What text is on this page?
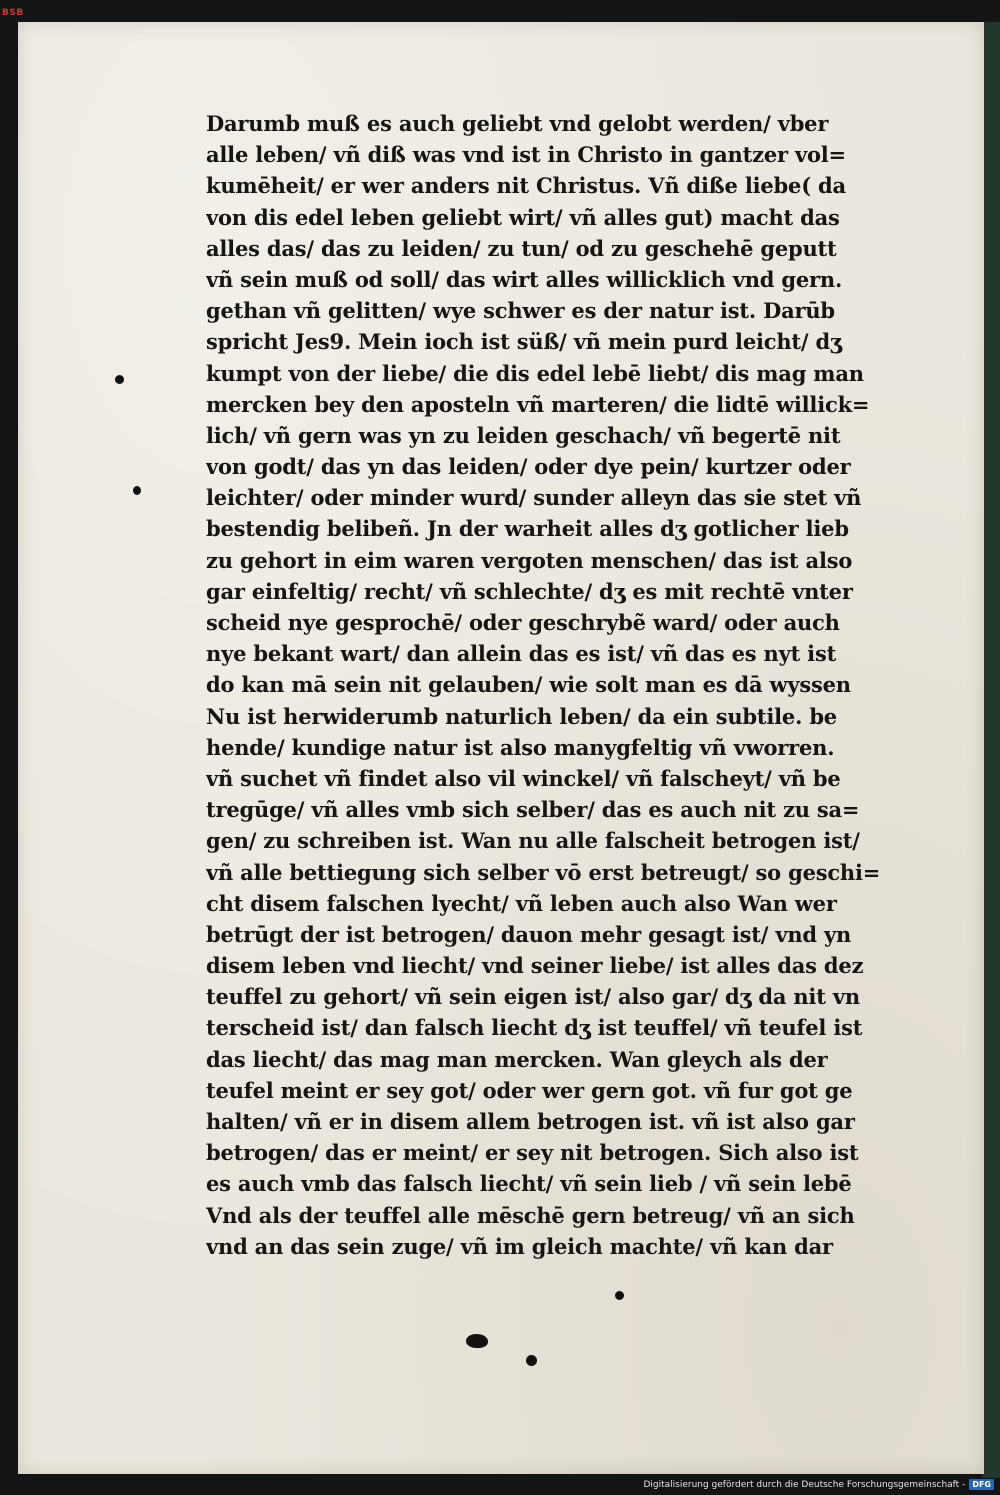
BSB
Darumb muß es auch geliebt vnd gelobt werden/ vber
alle leben/ vñ diß was vnd ist in Christo in gantzer vol=
kumēheit/ er wer anders nit Christus. Vñ diße liebe( da
von dis edel leben geliebt wirt/ vñ alles gut) macht das
alles das/ das zu leiden/ zu tun/ od zu geschehē geputt
vñ sein muß od soll/ das wirt alles willicklich vnd gern.
gethan vñ gelitten/ wye schwer es der natur ist. Darūb
spricht Jes9. Mein ioch ist süß/ vñ mein purd leicht/ dʒ
kumpt von der liebe/ die dis edel lebē liebt/ dis mag man
mercken bey den aposteln vñ marteren/ die lidtē willick=
lich/ vñ gern was yn zu leiden geschach/ vñ begertē nit
von godt/ das yn das leiden/ oder dye pein/ kurtzer oder
leichter/ oder minder wurd/ sunder alleyn das sie stet vñ
bestendig belibeñ. Jn der warheit alles dʒ gotlicher lieb
zu gehort in eim waren vergoten menschen/ das ist also
gar einfeltig/ recht/ vñ schlechte/ dʒ es mit rechtē vnter
scheid nye gesprochē/ oder geschrybẽ ward/ oder auch
nye bekant wart/ dan allein das es ist/ vñ das es nyt ist
do kan mā sein nit gelauben/ wie solt man es dā wyssen
Nu ist herwiderumb naturlich leben/ da ein subtile. be
hende/ kundige natur ist also manygfeltig vñ vworren.
vñ suchet vñ findet also vil winckel/ vñ falscheyt/ vñ be
tregūge/ vñ alles vmb sich selber/ das es auch nit zu sa=
gen/ zu schreiben ist. Wan nu alle falscheit betrogen ist/
vñ alle bettiegung sich selber vō erst betreugt/ so geschi=
cht disem falschen lyecht/ vñ leben auch also Wan wer
betrūgt der ist betrogen/ dauon mehr gesagt ist/ vnd yn
disem leben vnd liecht/ vnd seiner liebe/ ist alles das dez
teuffel zu gehort/ vñ sein eigen ist/ also gar/ dʒ da nit vn
terscheid ist/ dan falsch liecht dʒ ist teuffel/ vñ teufel ist
das liecht/ das mag man mercken. Wan gleych als der
teufel meint er sey got/ oder wer gern got. vñ fur got ge
halten/ vñ er in disem allem betrogen ist. vñ ist also gar
betrogen/ das er meint/ er sey nit betrogen. Sich also ist
es auch vmb das falsch liecht/ vñ sein lieb / vñ sein lebē
Vnd als der teuffel alle mēschē gern betreug/ vñ an sich
vnd an das sein zuge/ vñ im gleich machte/ vñ kan dar
Digitalisierung gefördert durch die Deutsche Forschungsgemeinschaft - DFG
